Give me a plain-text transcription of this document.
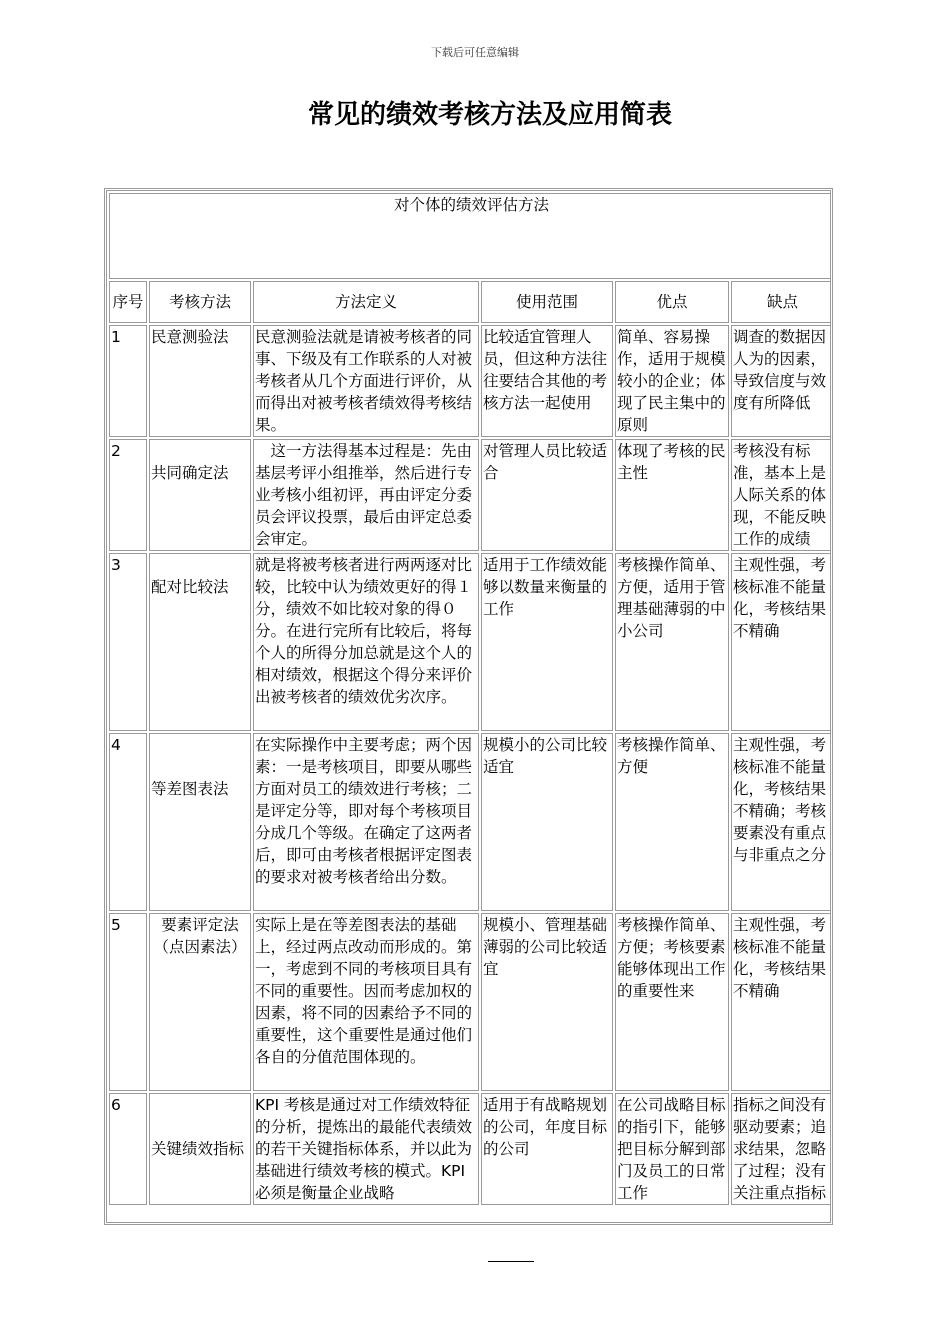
下载后可任意编辑
常见的绩效考核方法及应用简表
对个体的绩效评估方法					
序号	考核方法	方法定义	使用范围	优点	缺点
1	民意测验法	民意测验法就是请被考核者的同事、下级及有工作联系的人对被考核者从几个方面进行评价，从而得出对被考核者绩效得考核结果。	比较适宜管理人员，但这种方法往往要结合其他的考核方法一起使用	简单、容易操作，适用于规模较小的企业；体现了民主集中的原则	调查的数据因人为的因素，导致信度与效度有所降低
2	共同确定法	　这一方法得基本过程是：先由基层考评小组推举，然后进行专业考核小组初评，再由评定分委员会评议投票，最后由评定总委会审定。	对管理人员比较适合	体现了考核的民主性	考核没有标准，基本上是人际关系的体现，不能反映工作的成绩
3	配对比较法	就是将被考核者进行两两逐对比较，比较中认为绩效更好的得１分，绩效不如比较对象的得０分。在进行完所有比较后，将每个人的所得分加总就是这个人的相对绩效，根据这个得分来评价出被考核者的绩效优劣次序。	适用于工作绩效能够以数量来衡量的工作	考核操作简单、方便，适用于管理基础薄弱的中小公司	主观性强，考核标准不能量化，考核结果不精确
4	等差图表法	在实际操作中主要考虑；两个因素：一是考核项目，即要从哪些方面对员工的绩效进行考核；二是评定分等，即对每个考核项目分成几个等级。在确定了这两者后，即可由考核者根据评定图表的要求对被考核者给出分数。	规模小的公司比较适宜	考核操作简单、方便	主观性强，考核标准不能量化，考核结果不精确；考核要素没有重点与非重点之分
5	要素评定法（点因素法）	实际上是在等差图表法的基础上，经过两点改动而形成的。第一，考虑到不同的考核项目具有不同的重要性。因而考虑加权的因素，将不同的因素给予不同的重要性，这个重要性是通过他们各自的分值范围体现的。	规模小、管理基础薄弱的公司比较适宜	考核操作简单、方便；考核要素能够体现出工作的重要性来	主观性强，考核标准不能量化，考核结果不精确
6	关键绩效指标	KPI 考核是通过对工作绩效特征的分析，提炼出的最能代表绩效的若干关键指标体系，并以此为基础进行绩效考核的模式。KPI 必须是衡量企业战略	适用于有战略规划的公司，年度目标的公司	在公司战略目标的指引下，能够把目标分解到部门及员工的日常工作	指标之间没有驱动要素；追求结果，忽略了过程；没有关注重点指标
